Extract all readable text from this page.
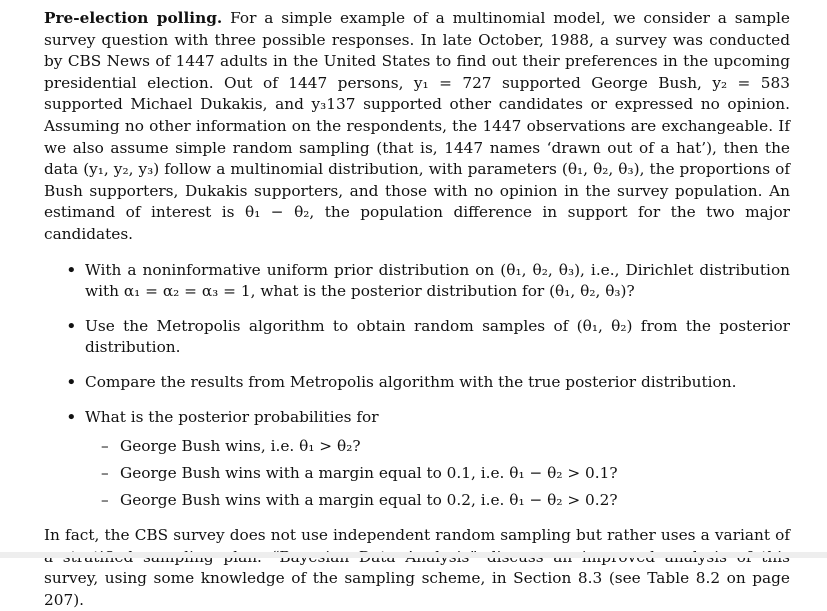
Pre-election polling. For a simple example of a multinomial model, we consider a sample survey question with three possible responses. In late October, 1988, a survey was conducted by CBS News of 1447 adults in the United States to find out their preferences in the upcoming presidential election. Out of 1447 persons, y₁ = 727 supported George Bush, y₂ = 583 supported Michael Dukakis, and y₃137 supported other candidates or expressed no opinion. Assuming no other information on the respondents, the 1447 observations are exchangeable. If we also assume simple random sampling (that is, 1447 names ‘drawn out of a hat’), then the data (y₁, y₂, y₃) follow a multinomial distribution, with parameters (θ₁, θ₂, θ₃), the proportions of Bush supporters, Dukakis supporters, and those with no opinion in the survey population. An estimand of interest is θ₁ − θ₂, the population difference in support for the two major candidates.

• With a noninformative uniform prior distribution on (θ₁, θ₂, θ₃), i.e., Dirichlet distribution with α₁ = α₂ = α₃ = 1, what is the posterior distribution for (θ₁, θ₂, θ₃)?
• Use the Metropolis algorithm to obtain random samples of (θ₁, θ₂) from the posterior distribution.
• Compare the results from Metropolis algorithm with the true posterior distribution.
• What is the posterior probabilities for
– George Bush wins, i.e. θ₁ > θ₂?
– George Bush wins with a margin equal to 0.1, i.e. θ₁ − θ₂ > 0.1?
– George Bush wins with a margin equal to 0.2, i.e. θ₁ − θ₂ > 0.2?

In fact, the CBS survey does not use independent random sampling but rather uses a variant of survey, using some knowledge of the sampling scheme, in Section 8.3 (see Table 8.2 on page 207).
